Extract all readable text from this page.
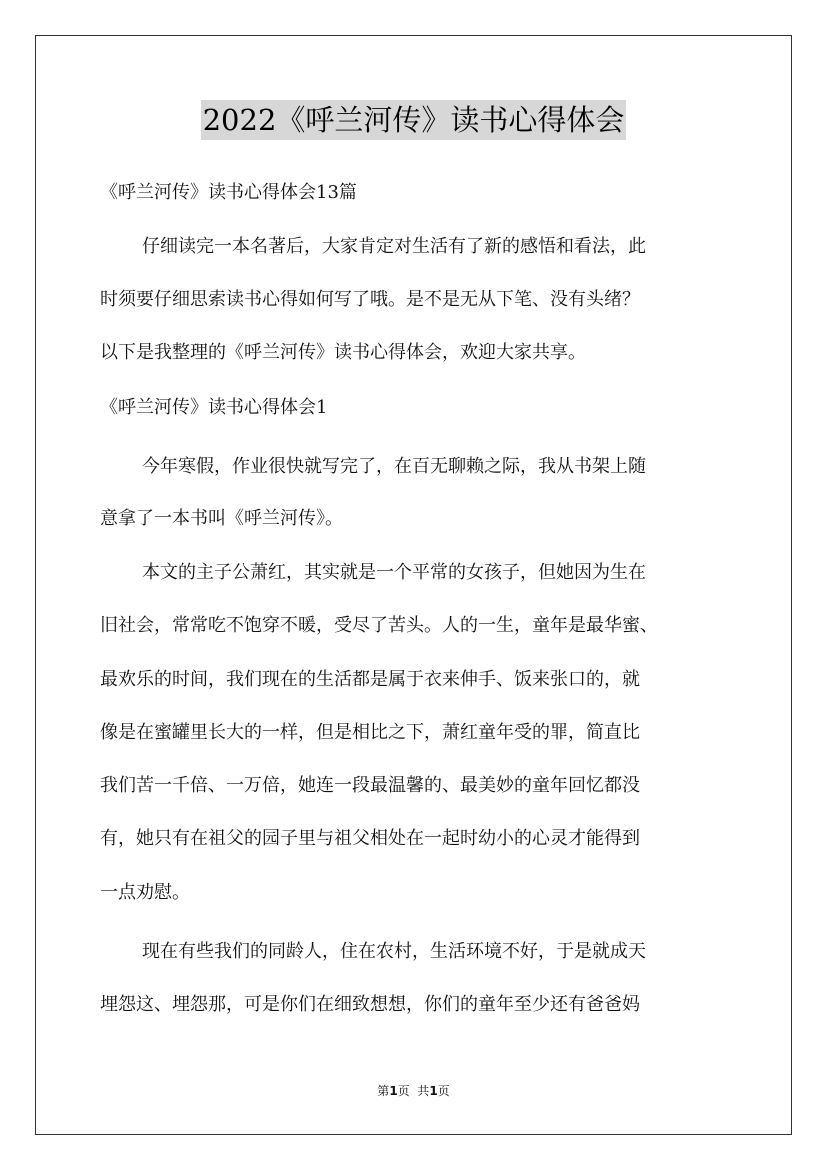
2022《呼兰河传》读书心得体会
《呼兰河传》读书心得体会13篇
仔细读完一本名著后，大家肯定对生活有了新的感悟和看法，此
时须要仔细思索读书心得如何写了哦。是不是无从下笔、没有头绪？
以下是我整理的《呼兰河传》读书心得体会，欢迎大家共享。
《呼兰河传》读书心得体会1
今年寒假，作业很快就写完了，在百无聊赖之际，我从书架上随
意拿了一本书叫《呼兰河传》。
本文的主子公萧红，其实就是一个平常的女孩子，但她因为生在
旧社会，常常吃不饱穿不暖，受尽了苦头。人的一生，童年是最华蜜、
最欢乐的时间，我们现在的生活都是属于衣来伸手、饭来张口的，就
像是在蜜罐里长大的一样，但是相比之下，萧红童年受的罪，简直比
我们苦一千倍、一万倍，她连一段最温馨的、最美妙的童年回忆都没
有，她只有在祖父的园子里与祖父相处在一起时幼小的心灵才能得到
一点劝慰。
现在有些我们的同龄人，住在农村，生活环境不好，于是就成天
埋怨这、埋怨那，可是你们在细致想想，你们的童年至少还有爸爸妈
第1页  共1页
